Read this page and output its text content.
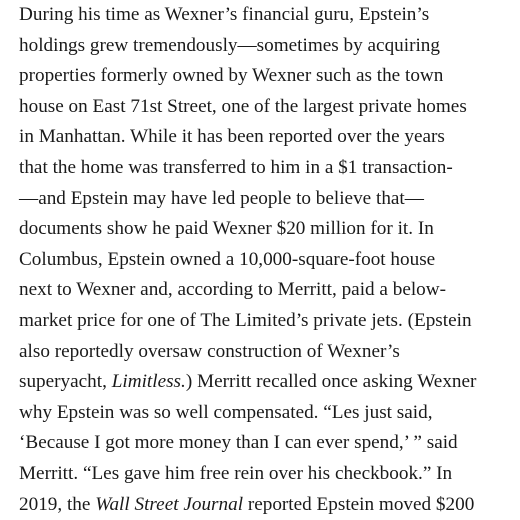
During his time as Wexner’s financial guru, Epstein’s
holdings grew tremendously—sometimes by acquiring
properties formerly owned by Wexner such as the town
house on East 71st Street, one of the largest private homes
in Manhattan. While it has been reported over the years
that the home was transferred to him in a $1 transaction-
—and Epstein may have led people to believe that—
documents show he paid Wexner $20 million for it. In
Columbus, Epstein owned a 10,000-square-foot house
next to Wexner and, according to Merritt, paid a below-
market price for one of The Limited’s private jets. (Epstein
also reportedly oversaw construction of Wexner’s
superyacht, Limitless.) Merritt recalled once asking Wexner
why Epstein was so well compensated. “Les just said,
‘Because I got more money than I can ever spend,’ ” said
Merritt. “Les gave him free rein over his checkbook.” In
2019, the Wall Street Journal reported Epstein moved $200
